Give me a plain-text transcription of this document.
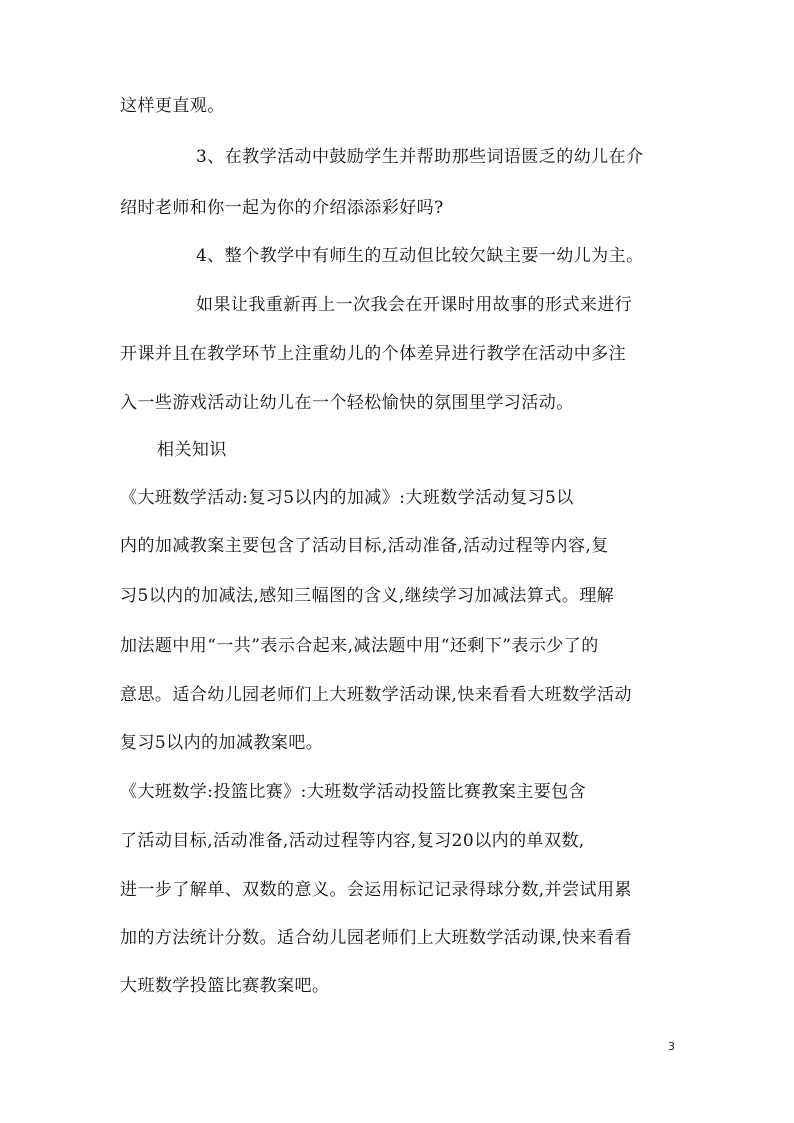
这样更直观。
3、在教学活动中鼓励学生并帮助那些词语匮乏的幼儿在介
绍时老师和你一起为你的介绍添添彩好吗?
4、整个教学中有师生的互动但比较欠缺主要一幼儿为主。
如果让我重新再上一次我会在开课时用故事的形式来进行
开课并且在教学环节上注重幼儿的个体差异进行教学在活动中多注
入一些游戏活动让幼儿在一个轻松愉快的氛围里学习活动。
相关知识
《大班数学活动:复习5以内的加减》:大班数学活动复习5以
内的加减教案主要包含了活动目标,活动准备,活动过程等内容,复
习5以内的加减法,感知三幅图的含义,继续学习加减法算式。理解
加法题中用“一共”表示合起来,减法题中用“还剩下”表示少了的
意思。适合幼儿园老师们上大班数学活动课,快来看看大班数学活动
复习5以内的加减教案吧。
《大班数学:投篮比赛》:大班数学活动投篮比赛教案主要包含
了活动目标,活动准备,活动过程等内容,复习20以内的单双数,
进一步了解单、双数的意义。会运用标记记录得球分数,并尝试用累
加的方法统计分数。适合幼儿园老师们上大班数学活动课,快来看看
大班数学投篮比赛教案吧。
3
